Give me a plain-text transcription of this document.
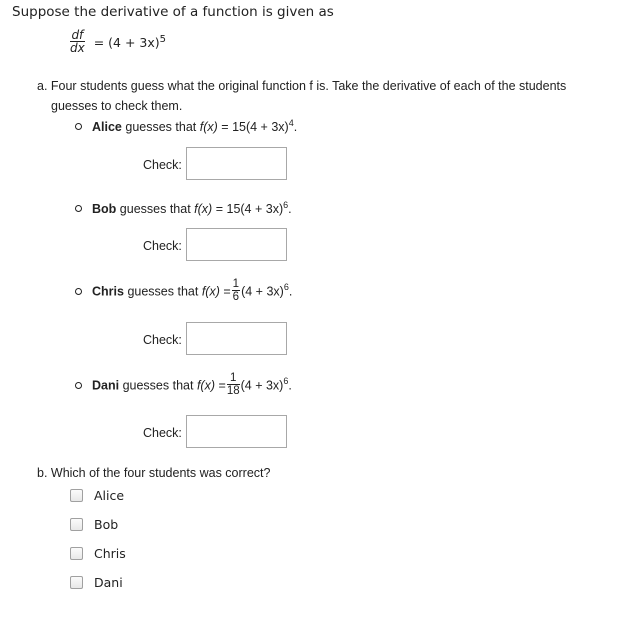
Suppose the derivative of a function is given as
$\frac{df}{dx} = (4 + 3x)^5$
a. Four students guess what the original function f is. Take the derivative of each of the students
guesses to check them.
Alice guesses that $f(x) = 15(4 + 3x)^4$.
Check:
Bob guesses that $f(x) = 15(4 + 3x)^6$.
Check:
Chris guesses that $f(x) = \frac{1}{6} (4 + 3x)^6$.
Check:
Dani guesses that $f(x) = \frac{1}{18} (4 + 3x)^6$.
Check:
b. Which of the four students was correct?
Alice
Bob
Chris
Dani
